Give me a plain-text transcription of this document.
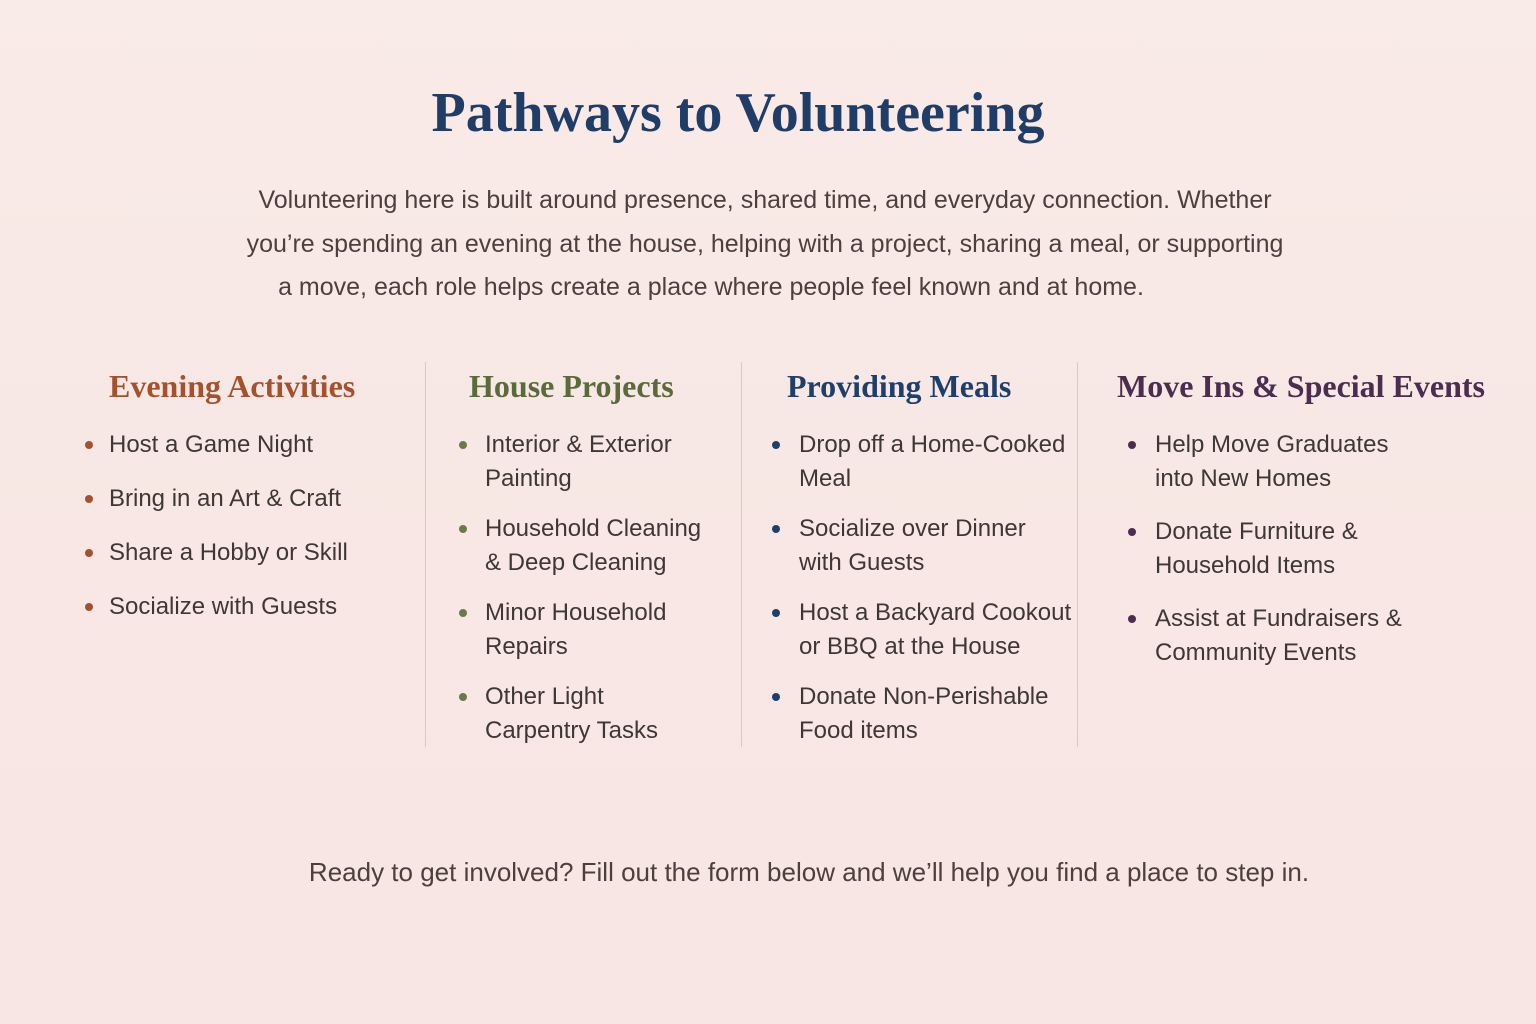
Pathways to Volunteering

Volunteering here is built around presence, shared time, and everyday connection. Whether
you’re spending an evening at the house, helping with a project, sharing a meal, or supporting
a move, each role helps create a place where people feel known and at home.

Evening Activities
Host a Game Night
Bring in an Art & Craft
Share a Hobby or Skill
Socialize with Guests
House Projects
Interior & Exterior Painting
Household Cleaning & Deep Cleaning
Minor Household Repairs
Other Light Carpentry Tasks
Providing Meals
Drop off a Home-Cooked Meal
Socialize over Dinner with Guests
Host a Backyard Cookout or BBQ at the House
Donate Non-Perishable Food items
Move Ins & Special Events
Help Move Graduates into New Homes
Donate Furniture & Household Items
Assist at Fundraisers & Community Events

Ready to get involved? Fill out the form below and we’ll help you find a place to step in.
